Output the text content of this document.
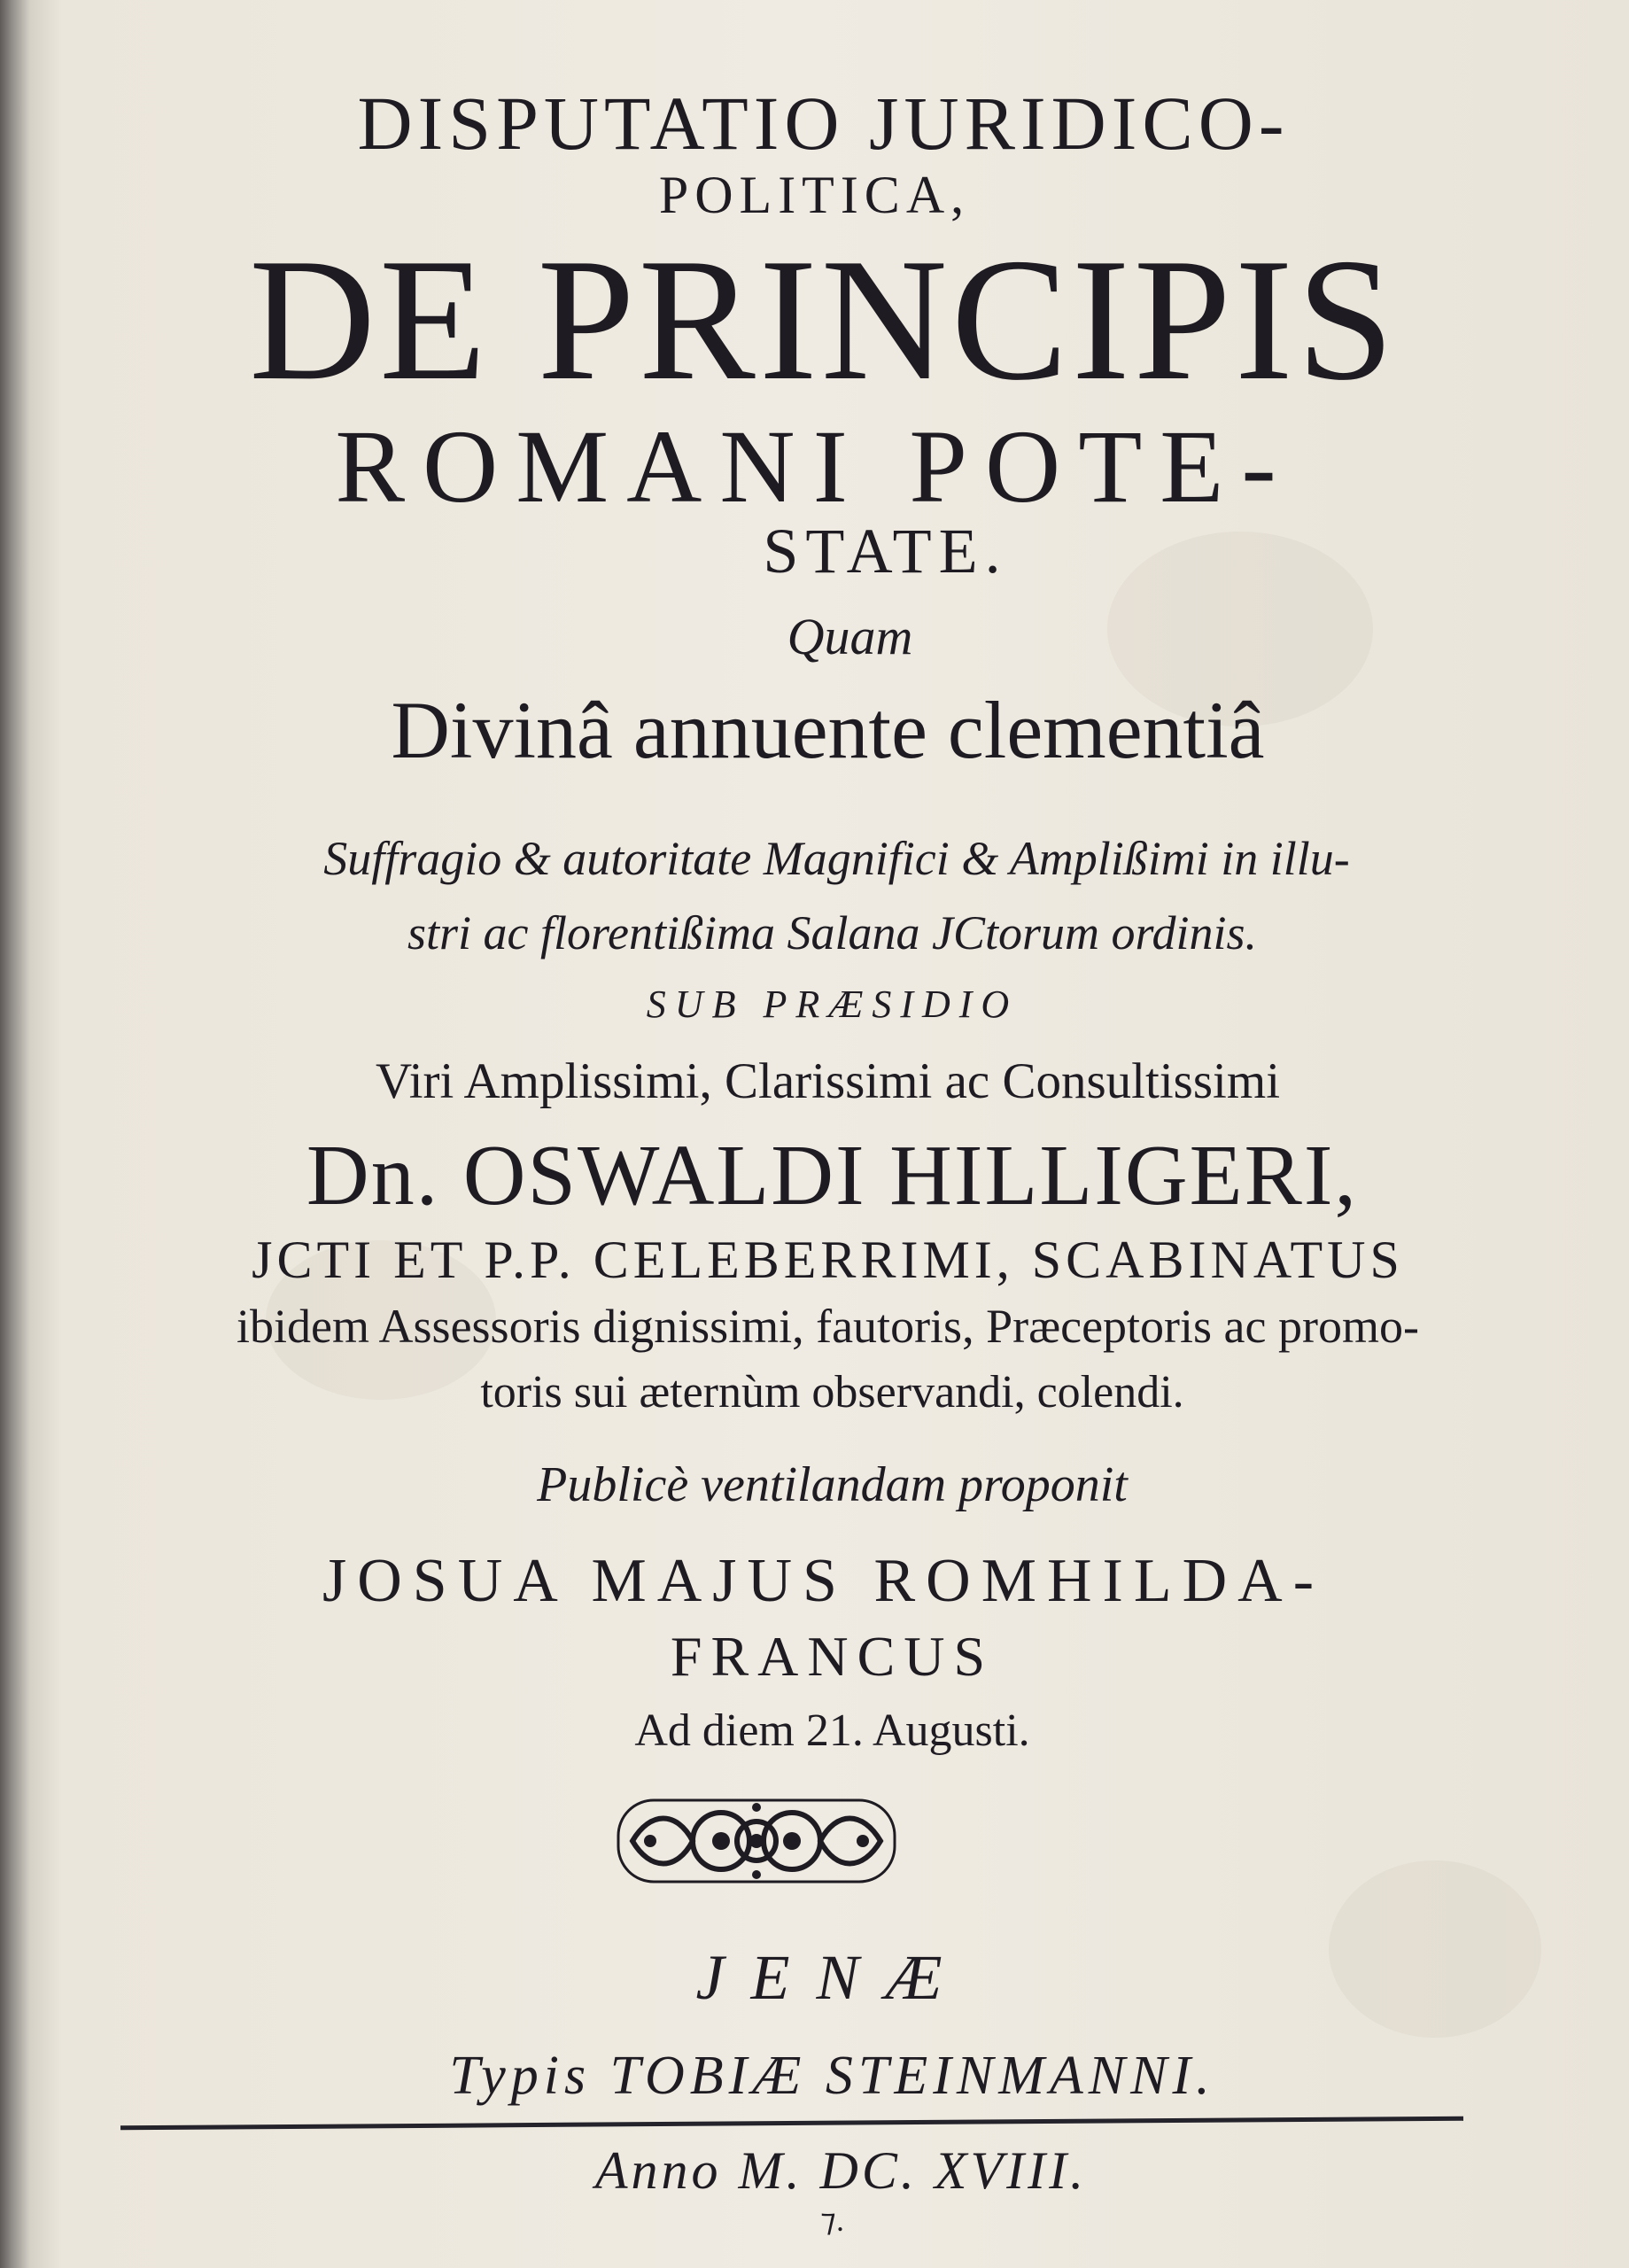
DISPUTATIO JURIDICO-
POLITICA,
DE PRINCIPIS
ROMANI POTE-
STATE.
Quam
Divinâ annuente clementiâ
Suffragio & autoritate Magnifici & Amplißimi in illu-
stri ac florentißima Salana JCtorum ordinis.
SUB PRÆSIDIO
Viri Amplissimi, Clarissimi ac Consultissimi
Dn. OSWALDI HILLIGERI,
JCTI ET P.P. CELEBERRIMI, SCABINATUS
ibidem Assessoris dignissimi, fautoris, Præceptoris ac promo-
toris sui æternùm observandi, colendi.
Publicè ventilandam proponit
JOSUA MAJUS ROMHILDA-
FRANCUS
Ad diem 21. Augusti.
JENÆ
Typis TOBIÆ STEINMANNI.
Anno M. DC. XVIII.
⁊.
